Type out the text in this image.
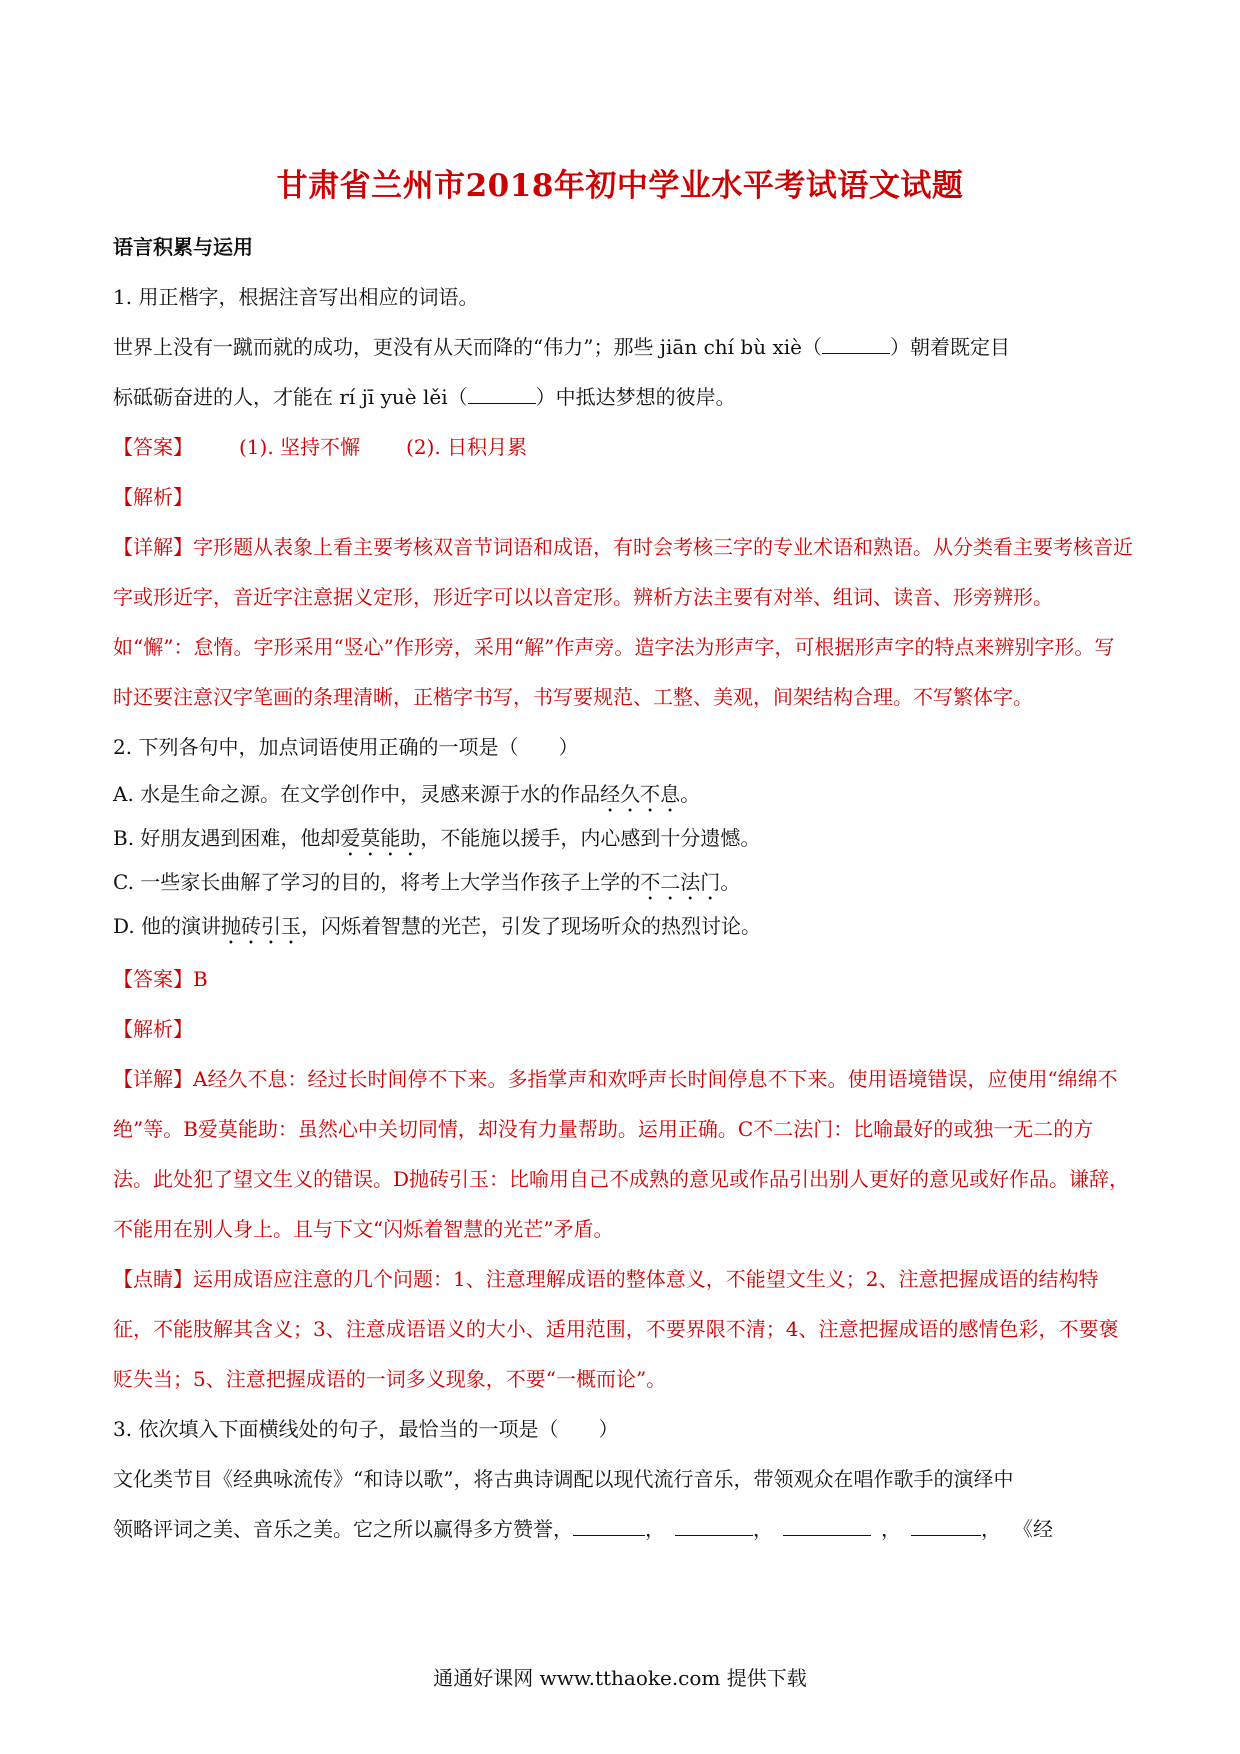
甘肃省兰州市2018年初中学业水平考试语文试题
语言积累与运用
1. 用正楷字，根据注音写出相应的词语。
世界上没有一蹴而就的成功，更没有从天而降的“伟力”；那些 jiān chí bù xiè（	）朝着既定目
标砥砺奋进的人，才能在 rí jī yuè lěi（	）中抵达梦想的彼岸。
【答案】 (1). 坚持不懈 (2). 日积月累
【解析】
【详解】字形题从表象上看主要考核双音节词语和成语，有时会考核三字的专业术语和熟语。从分类看主要考核音近字或形近字，音近字注意据义定形，形近字可以以音定形。辨析方法主要有对举、组词、读音、形旁辨形。如“懈”：怠惰。字形采用“竖心”作形旁，采用“解”作声旁。造字法为形声字，可根据形声字的特点来辨别字形。写时还要注意汉字笔画的条理清晰，正楷字书写，书写要规范、工整、美观，间架结构合理。不写繁体字。
2. 下列各句中，加点词语使用正确的一项是（　　）
A. 水是生命之源。在文学创作中，灵感来源于水的作品经久不息。
B. 好朋友遇到困难，他却爱莫能助，不能施以援手，内心感到十分遗憾。
C. 一些家长曲解了学习的目的，将考上大学当作孩子上学的不二法门。
D. 他的演讲抛砖引玉，闪烁着智慧的光芒，引发了现场听众的热烈讨论。
【答案】B
【解析】
【详解】A经久不息：经过长时间停不下来。多指掌声和欢呼声长时间停息不下来。使用语境错误，应使用“绵绵不绝”等。B爱莫能助：虽然心中关切同情，却没有力量帮助。运用正确。C不二法门：比喻最好的或独一无二的方法。此处犯了望文生义的错误。D抛砖引玉：比喻用自己不成熟的意见或作品引出别人更好的意见或好作品。谦辞，不能用在别人身上。且与下文“闪烁着智慧的光芒”矛盾。
【点睛】运用成语应注意的几个问题：1、注意理解成语的整体意义，不能望文生义；2、注意把握成语的结构特征，不能肢解其含义；3、注意成语语义的大小、适用范围，不要界限不清；4、注意把握成语的感情色彩，不要褒贬失当；5、注意把握成语的一词多义现象，不要“一概而论”。
3. 依次填入下面横线处的句子，最恰当的一项是（　　）
文化类节目《经典咏流传》“和诗以歌”，将古典诗调配以现代流行音乐，带领观众在唱作歌手的演绎中
领略评词之美、音乐之美。它之所以赢得多方赞誉，	，	，	，	， 《经
通通好课网 www.tthaoke.com 提供下载
